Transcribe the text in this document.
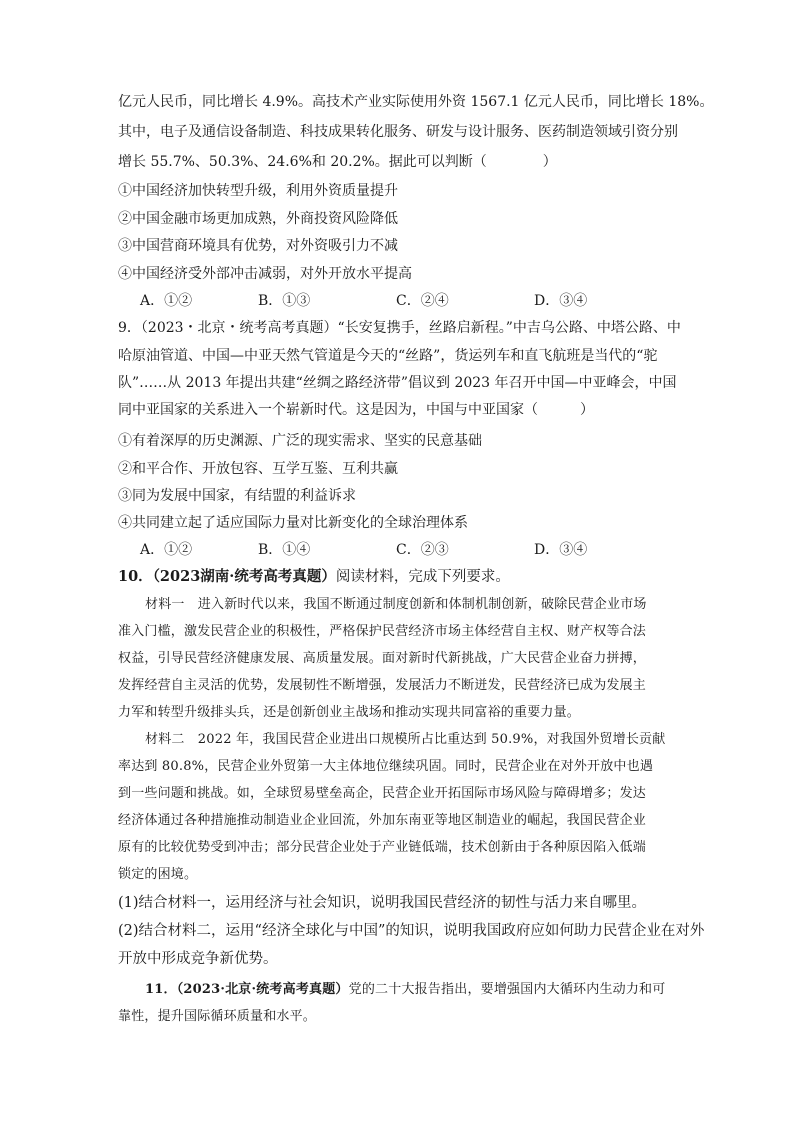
亿元人民币，同比增长 4.9%。高技术产业实际使用外资 1567.1 亿元人民币，同比增长 18%。
其中，电子及通信设备制造、科技成果转化服务、研发与设计服务、医药制造领域引资分别
增长 55.7%、50.3%、24.6%和 20.2%。据此可以判断（　　　　）
①中国经济加快转型升级，利用外资质量提升
②中国金融市场更加成熟，外商投资风险降低
③中国营商环境具有优势，对外资吸引力不减
④中国经济受外部冲击减弱，对外开放水平提高
A．①②	B．①③	C．②④	D．③④
9．（2023・北京・统考高考真题）“长安复携手，丝路启新程。”中吉乌公路、中塔公路、中
哈原油管道、中国—中亚天然气管道是今天的“丝路”，货运列车和直飞航班是当代的“驼
队”……从 2013 年提出共建“丝绸之路经济带”倡议到 2023 年召开中国—中亚峰会，中国
同中亚国家的关系进入一个崭新时代。这是因为，中国与中亚国家（　　　）
①有着深厚的历史渊源、广泛的现实需求、坚实的民意基础
②和平合作、开放包容、互学互鉴、互利共赢
③同为发展中国家，有结盟的利益诉求
④共同建立起了适应国际力量对比新变化的全球治理体系
A．①②	B．①④	C．②③	D．③④
10．（2023湖南·统考高考真题）阅读材料，完成下列要求。
材料一　进入新时代以来，我国不断通过制度创新和体制机制创新，破除民营企业市场
准入门槛，激发民营企业的积极性，严格保护民营经济市场主体经营自主权、财产权等合法
权益，引导民营经济健康发展、高质量发展。面对新时代新挑战，广大民营企业奋力拼搏，
发挥经营自主灵活的优势，发展韧性不断增强，发展活力不断迸发，民营经济已成为发展主
力军和转型升级排头兵，还是创新创业主战场和推动实现共同富裕的重要力量。
材料二　2022 年，我国民营企业进出口规模所占比重达到 50.9%，对我国外贸增长贡献
率达到 80.8%，民营企业外贸第一大主体地位继续巩固。同时，民营企业在对外开放中也遇
到一些问题和挑战。如，全球贸易壁垒高企，民营企业开拓国际市场风险与障碍增多；发达
经济体通过各种措施推动制造业企业回流，外加东南亚等地区制造业的崛起，我国民营企业
原有的比较优势受到冲击；部分民营企业处于产业链低端，技术创新由于各种原因陷入低端
锁定的困境。
(1)结合材料一，运用经济与社会知识，说明我国民营经济的韧性与活力来自哪里。
(2)结合材料二，运用“经济全球化与中国”的知识，说明我国政府应如何助力民营企业在对外
开放中形成竞争新优势。
11．（2023·北京·统考高考真题）党的二十大报告指出，要增强国内大循环内生动力和可
靠性，提升国际循环质量和水平。
